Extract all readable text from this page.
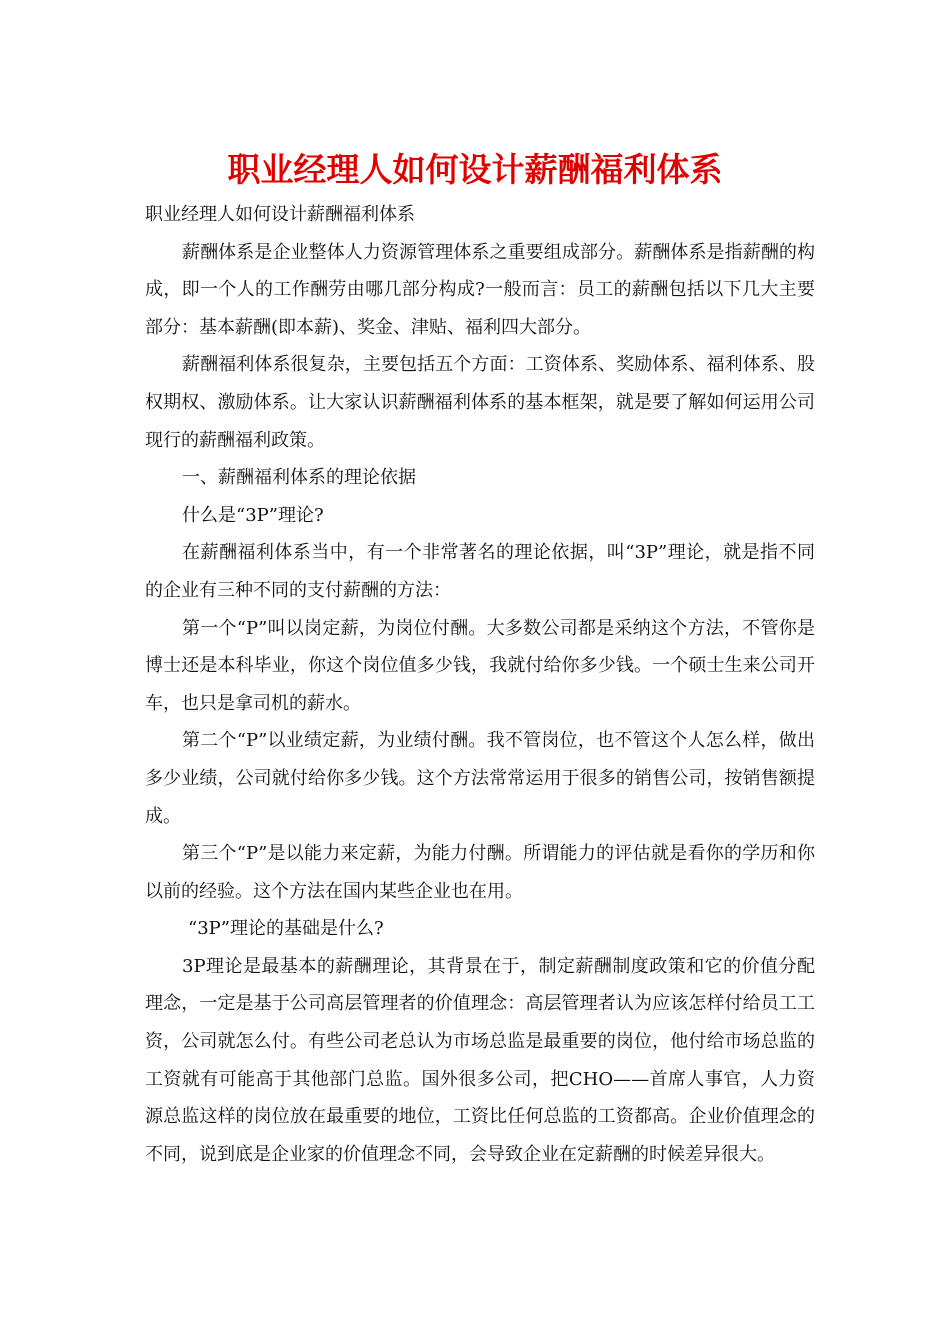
职业经理人如何设计薪酬福利体系

职业经理人如何设计薪酬福利体系

薪酬体系是企业整体人力资源管理体系之重要组成部分。薪酬体系是指薪酬的构成，即一个人的工作酬劳由哪几部分构成?一般而言：员工的薪酬包括以下几大主要部分：基本薪酬(即本薪)、奖金、津贴、福利四大部分。

薪酬福利体系很复杂，主要包括五个方面：工资体系、奖励体系、福利体系、股权期权、激励体系。让大家认识薪酬福利体系的基本框架，就是要了解如何运用公司现行的薪酬福利政策。

一、薪酬福利体系的理论依据

什么是“3P”理论?

在薪酬福利体系当中，有一个非常著名的理论依据，叫“3P”理论，就是指不同的企业有三种不同的支付薪酬的方法：

第一个“P”叫以岗定薪，为岗位付酬。大多数公司都是采纳这个方法，不管你是博士还是本科毕业，你这个岗位值多少钱，我就付给你多少钱。一个硕士生来公司开车，也只是拿司机的薪水。

第二个“P”以业绩定薪，为业绩付酬。我不管岗位，也不管这个人怎么样，做出多少业绩，公司就付给你多少钱。这个方法常常运用于很多的销售公司，按销售额提成。

第三个“P”是以能力来定薪，为能力付酬。所谓能力的评估就是看你的学历和你以前的经验。这个方法在国内某些企业也在用。

“3P”理论的基础是什么?

3P理论是最基本的薪酬理论，其背景在于，制定薪酬制度政策和它的价值分配理念，一定是基于公司高层管理者的价值理念：高层管理者认为应该怎样付给员工工资，公司就怎么付。有些公司老总认为市场总监是最重要的岗位，他付给市场总监的工资就有可能高于其他部门总监。国外很多公司，把CHO——首席人事官，人力资源总监这样的岗位放在最重要的地位，工资比任何总监的工资都高。企业价值理念的不同，说到底是企业家的价值理念不同，会导致企业在定薪酬的时候差异很大。
